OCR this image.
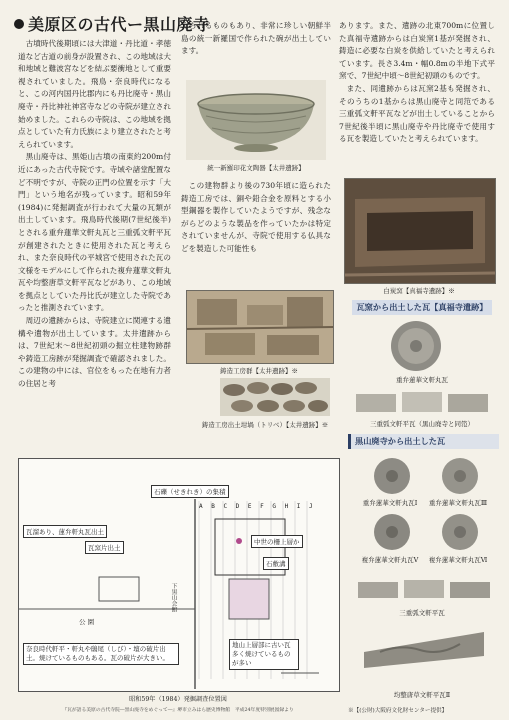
美原区の古代ー黒山廃寺

古墳時代後期頃には大津道・丹比道・孝徳道など古道の前身が設置され、この地域は大和地域と難波宮などを結ぶ要衝地として重要視されていました。飛鳥・奈良時代になると、この河内国丹比郡内にも丹比廃寺・黒山廃寺・丹比神社神宮寺などの寺院が建立され始めました。これらの寺院は、この地域を拠点としていた有力氏族により建立されたと考えられています。

黒山廃寺は、黒姫山古墳の南東約200m付近にあった古代寺院です。寺域や諸堂配置など不明ですが、寺院の正門の位置を示す「大門」という地名が残っています。昭和59年(1984)に発掘調査が行われて大量の瓦類が出土しています。飛鳥時代後期(7世紀後半)とされる重弁蓮華文軒丸瓦と三重弧文軒平瓦が創建されたときに使用された瓦と考えられ、また奈良時代の平城宮で使用された瓦の文様をモデルにして作られた複弁蓮華文軒丸瓦や均整唐草文軒平瓦などがあり、この地域を拠点としていた丹比氏が建立した寺院であったと推測されています。

周辺の遺跡からは、寺院建立に関連する遺構や遺物が出土しています。太井遺跡からは、7世紀末〜8世紀初頭の掘立柱建物跡群や鋳造工房跡が発掘調査で確認されました。この建物の中には、官位をもった在地有力者の住居と考

えられるものもあり、非常に珍しい朝鮮半島の統一新羅国で作られた碗が出土しています。

統一新羅印花文陶器【太井遺跡】

この建物群より後の730年頃に造られた鋳造工房では、銅や鉛合金を原料とする小型鋼器を製作していたようですが、残念ながらどのような製品を作っていたかは特定されていませんが、寺院で使用する仏具などを製造した可能性も

鋳造工房群【太井遺跡】※
鋳造工房出土坩堝（トリベ）【太井遺跡】※

あります。また、遺跡の北東700mに位置した真福寺遺跡からは白炭窯1基が発掘され、鋳造に必要な白炭を供給していたと考えられています。長さ3.4m・幅0.8mの半地下式平窯で、7世紀中頃〜8世紀初頭のものです。

また、同遺跡からは瓦窯2基も発掘され、そのうちの1基からは黒山廃寺と同笵である三重弧文軒平瓦などが出土していることから7世紀後半頃に黒山廃寺や丹比廃寺で使用する瓦を製造していたと考えられています。

白炭窯【真福寺遺跡】※
瓦窯から出土した瓦【真福寺遺跡】
重弁蓮華文軒丸瓦
三重弧文軒平瓦（黒山廃寺と同笵）
黒山廃寺から出土した瓦
重弁蓮華文軒丸瓦Ⅰ	重弁蓮華文軒丸瓦Ⅲ
複弁蓮華文軒丸瓦Ⅴ	複弁蓮華文軒丸瓦Ⅵ
三重弧文軒平瓦
均整唐草文軒平瓦Ⅱ
※【(公財)大阪府文化財センター提供】
A B C D E F G H I J
石礫（せきれき）の集積
瓦溜あり、蓮弁軒丸瓦出土
瓦窯片出土
中世の柵上層か
石敷溝
下黒山会館
公 園
奈良時代軒平・軒丸や鴟尾（しび）・壇の破片出土。焼けているものもある。瓦の破片が大きい。
地山上層部に古い瓦多く焼けているものが多い
昭和59年（1984）発掘調査位置図
『瓦が語る美原の古代寺院―黒山廃寺をめぐって―』堺市立みはら歴史博物館　平成24年度特別展図録より
